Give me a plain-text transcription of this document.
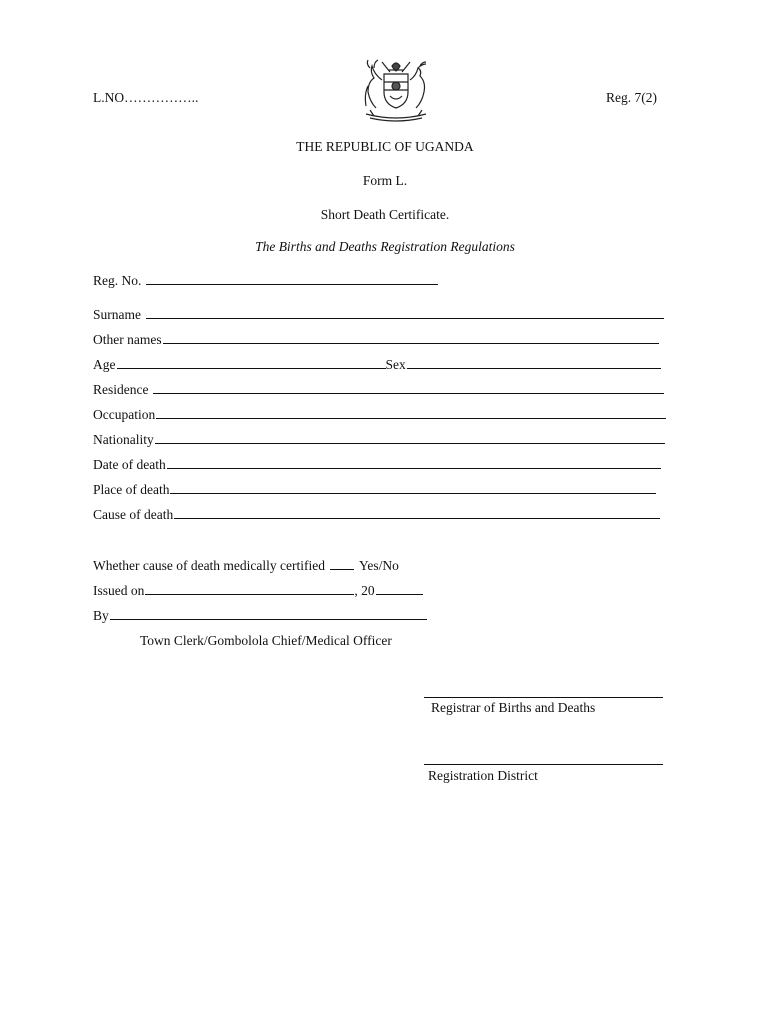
L.NO……………..	Reg. 7(2)
THE REPUBLIC OF UGANDA
Form L.
Short Death Certificate.
The Births and Deaths Registration Regulations
Reg. No.
Surname
Other names
Age	Sex
Residence
Occupation
Nationality
Date of death
Place of death
Cause of death
Whether cause of death medically certified	Yes/No
Issued on	, 20
By
Town Clerk/Gombolola Chief/Medical Officer
Registrar of Births and Deaths
Registration District
